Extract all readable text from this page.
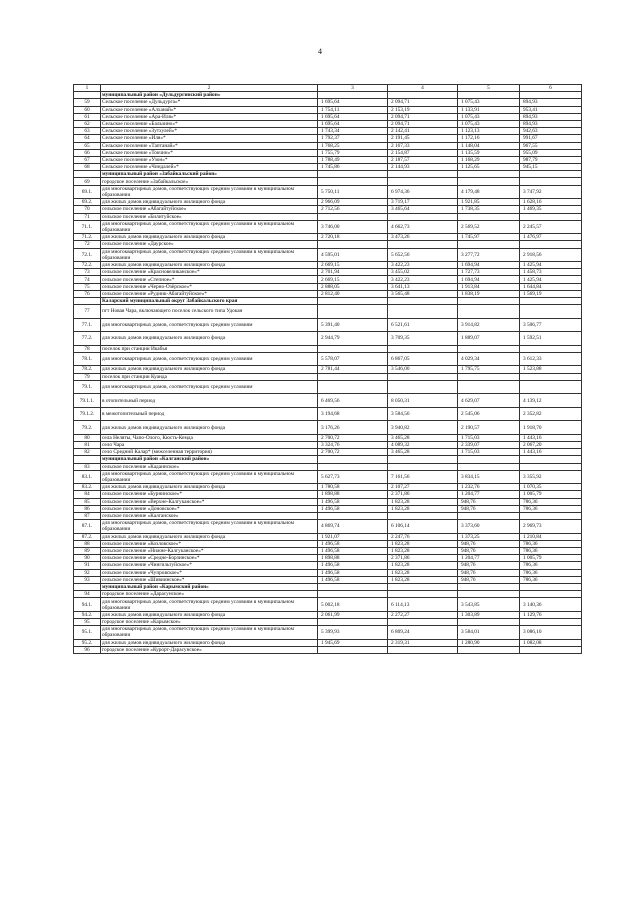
4
1	2	3	4	5	6
	муниципальный район «Дульдургинский район»				
59	Сельское поселение «Дульдурга»*	1 695,64	2 094,71	1 075,43	894,93
60	Сельское поселение «Алханай»*	1 754,11	2 153,19	1 133,91	953,41
61	Сельское поселение «Ара-Иля»*	1 695,64	2 094,71	1 075,43	894,93
62	Сельское поселение «Бальзино»*	1 695,64	2 094,71	1 075,43	894,93
63	Сельское поселение «Зутхулей»*	1 743,34	2 142,41	1 123,13	942,63
64	Сельское поселение «Иля»*	1 792,37	2 191,45	1 172,16	991,67
65	Сельское поселение «Таптанай»*	1 768,25	2 167,33	1 148,04	967,55
66	Сельское поселение «Токчин»*	1 755,79	2 154,87	1 135,59	955,09
67	Сельское поселение «Узон»*	1 788,49	2 187,57	1 168,29	987,79
68	Сельское поселение «Чиндалей»*	1 745,86	2 144,93	1 125,65	945,15
	муниципальный район «Забайкальский район»				
69	городское поселение «Забайкальское»				
69.1.	для многоквартирных домов, соответствующих средним условиям в муниципальном образовании	5 750,11	6 974,36	4 179,48	3 747,92
69.2.	для жилых домов индивидуального жилищного фонда	2 966,09	3 719,17	1 921,85	1 628,16
70	сельское поселение «Абагайтуйское»	2 712,56	3 465,64	1 738,35	1 469,35
71	сельское поселение «Билитуйское»				
71.1.	для многоквартирных домов, соответствующих средним условиям в муниципальном образовании	3 746,00	4 662,73	2 569,52	2 245,57
71.2.	для жилых домов индивидуального жилищного фонда	2 720,18	3 473,26	1 745,97	1 476,97
72	сельское поселение «Даурское»				
72.1.	для многоквартирных домов, соответствующих средним условиям в муниципальном образовании	4 595,01	5 652,56	3 277,72	2 918,56
72.2.	для жилых домов индивидуального жилищного фонда	2 669,15	3 422,23	1 694,94	1 425,94
73	сельское поселение «Красновеликанское»*	2 701,94	3 455,02	1 727,73	1 458,73
74	сельское поселение «Степное»*	2 669,15	3 422,23	1 694,94	1 425,94
75	сельское поселение «Черно-Озёрское»*	2 888,05	3 641,13	1 913,84	1 644,84
76	сельское поселение «Рудник-Абагайтуйское»*	2 812,40	3 565,48	1 838,19	1 569,19
	Каларский муниципальный округ Забайкальского края				
77	пгт Новая Чара, включающего поселок сельского типа Удокан				
77.1.	для многоквартирных домов, соответствующих средним условиям	5 391,40	6 521,61	3 914,82	3 506,77
77.2.	для жилых домов индивидуального жилищного фонда	2 944,79	3 709,35	1 889,07	1 592,51
78	поселок при станции Икабья				
78.1.	для многоквартирных домов, соответствующих средним условиям	5 578,07	6 867,05	4 029,34	3 612,33
78.2.	для жилых домов индивидуального жилищного фонда	2 781,44	3 546,00	1 795,75	1 523,88
79	поселок при станции Куанда				
79.1.	для многоквартирных домов, соответствующих средним условиям				
79.1.1.	в отопительный период	6 469,56	8 050,31	4 629,07	4 139,12
79.1.2.	в межотопительный период	3 194,68	3 584,56	2 545,06	2 352,82
79.2.	для жилых домов индивидуального жилищного фонда	3 176,26	3 940,82	2 190,57	1 918,70
80	села Неляты, Чапо-Ологo, Кюсть-Кемда	2 700,72	3 465,28	1 715,03	1 443,16
81	село Чара	3 324,76	4 089,32	2 339,07	2 067,20
82	село Средний Калар* (межселенная территория)	2 700,72	3 465,28	1 715,03	1 443,16
	муниципальный район «Калганский район»				
83	сельское поселение «Кадаинское»				
83.1.	для многоквартирных домов, соответствующих средним условиям в муниципальном образовании	5 627,73	7 161,56	3 834,15	3 355,92
83.2.	для жилых домов индивидуального жилищного фонда	1 780,58	2 107,27	1 232,76	1 070,35
84	сельское поселение «Бурнинское»*	1 898,88	2 371,86	1 204,77	1 005,79
85	сельское поселение «Верхне-Калгуканское»*	1 496,58	1 823,28	948,76	786,36
86	сельское поселение «Доновское»*	1 496,58	1 823,28	948,76	786,36
87	сельское поселение «Калганское»				
87.1.	для многоквартирных домов, соответствующих средним условиям в муниципальном образовании	4 869,74	6 106,14	3 373,60	2 969,73
87.2.	для жилых домов индивидуального жилищного фонда	1 921,07	2 247,76	1 373,25	1 210,84
88	сельское поселение «Козловское»*	1 496,58	1 823,28	948,76	786,36
89	сельское поселение «Нижне-Калгуканское»*	1 496,58	1 823,28	948,76	786,36
90	сельское поселение «Средне-Борзинское»*	1 898,88	2 371,86	1 204,77	1 005,79
91	сельское поселение «Чингильтуйское»*	1 496,58	1 823,28	948,76	786,36
92	сельское поселение «Чупровское»*	1 496,58	1 823,28	948,76	786,36
93	сельское поселение «Шивиинское»*	1 496,58	1 823,28	948,76	786,36
	муниципальный район «Карымский район»				
94	городское поселение «Дарасунское»				
94.1.	для многоквартирных домов, соответствующих средним условиям в муниципальном образовании	5 002,18	6 114,13	3 543,85	3 140,36
94.2.	для жилых домов индивидуального жилищного фонда	2 061,99	2 272,27	1 303,89	1 129,76
95	городское поселение «Карымское»				
95.1.	для многоквартирных домов, соответствующих средним условиям в муниципальном образовании	5 399,93	6 809,24	3 584,01	3 086,10
95.2.	для жилых домов индивидуального жилищного фонда	1 945,69	2 319,31	1 280,90	1 082,08
96	городское поселение «Курорт-Дарасунское»				
